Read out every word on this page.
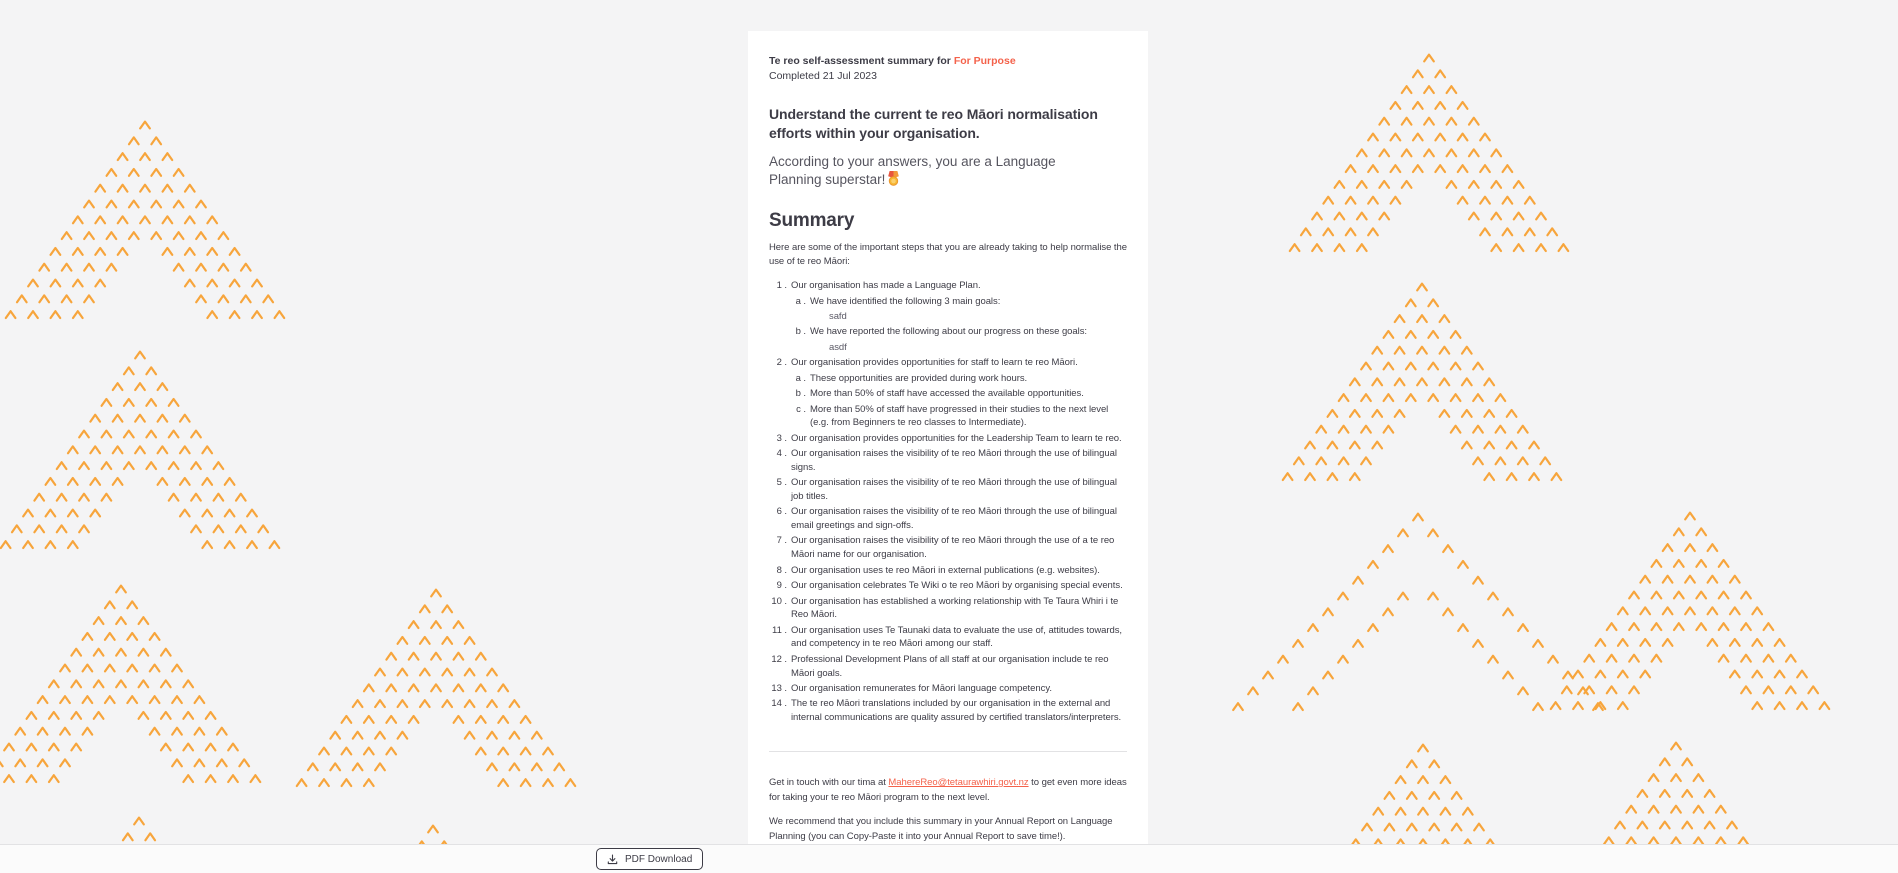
Te reo self-assessment summary for For Purpose

Completed 21 Jul 2023

Understand the current te reo Māori normalisation efforts within your organisation.

According to your answers, you are a Language Planning superstar!

Summary

Here are some of the important steps that you are already taking to help normalise the use of te reo Māori:

1 . Our organisation has made a Language Plan.
a . We have identified the following 3 main goals:
safd
b . We have reported the following about our progress on these goals:
asdf
2 . Our organisation provides opportunities for staff to learn te reo Māori.
a . These opportunities are provided during work hours.
b . More than 50% of staff have accessed the available opportunities.
c . More than 50% of staff have progressed in their studies to the next level (e.g. from Beginners te reo classes to Intermediate).
3 . Our organisation provides opportunities for the Leadership Team to learn te reo.
4 . Our organisation raises the visibility of te reo Māori through the use of bilingual signs.
5 . Our organisation raises the visibility of te reo Māori through the use of bilingual job titles.
6 . Our organisation raises the visibility of te reo Māori through the use of bilingual email greetings and sign-offs.
7 . Our organisation raises the visibility of te reo Māori through the use of a te reo Māori name for our organisation.
8 . Our organisation uses te reo Māori in external publications (e.g. websites).
9 . Our organisation celebrates Te Wiki o te reo Māori by organising special events.
10 . Our organisation has established a working relationship with Te Taura Whiri i te Reo Māori.
11 . Our organisation uses Te Taunaki data to evaluate the use of, attitudes towards, and competency in te reo Māori among our staff.
12 . Professional Development Plans of all staff at our organisation include te reo Māori goals.
13 . Our organisation remunerates for Māori language competency.
14 . The te reo Māori translations included by our organisation in the external and internal communications are quality assured by certified translators/interpreters.

Get in touch with our tima at MahereReo@tetaurawhiri.govt.nz to get even more ideas for taking your te reo Māori program to the next level.

We recommend that you include this summary in your Annual Report on Language Planning (you can Copy-Paste it into your Annual Report to save time!).

PDF Download
